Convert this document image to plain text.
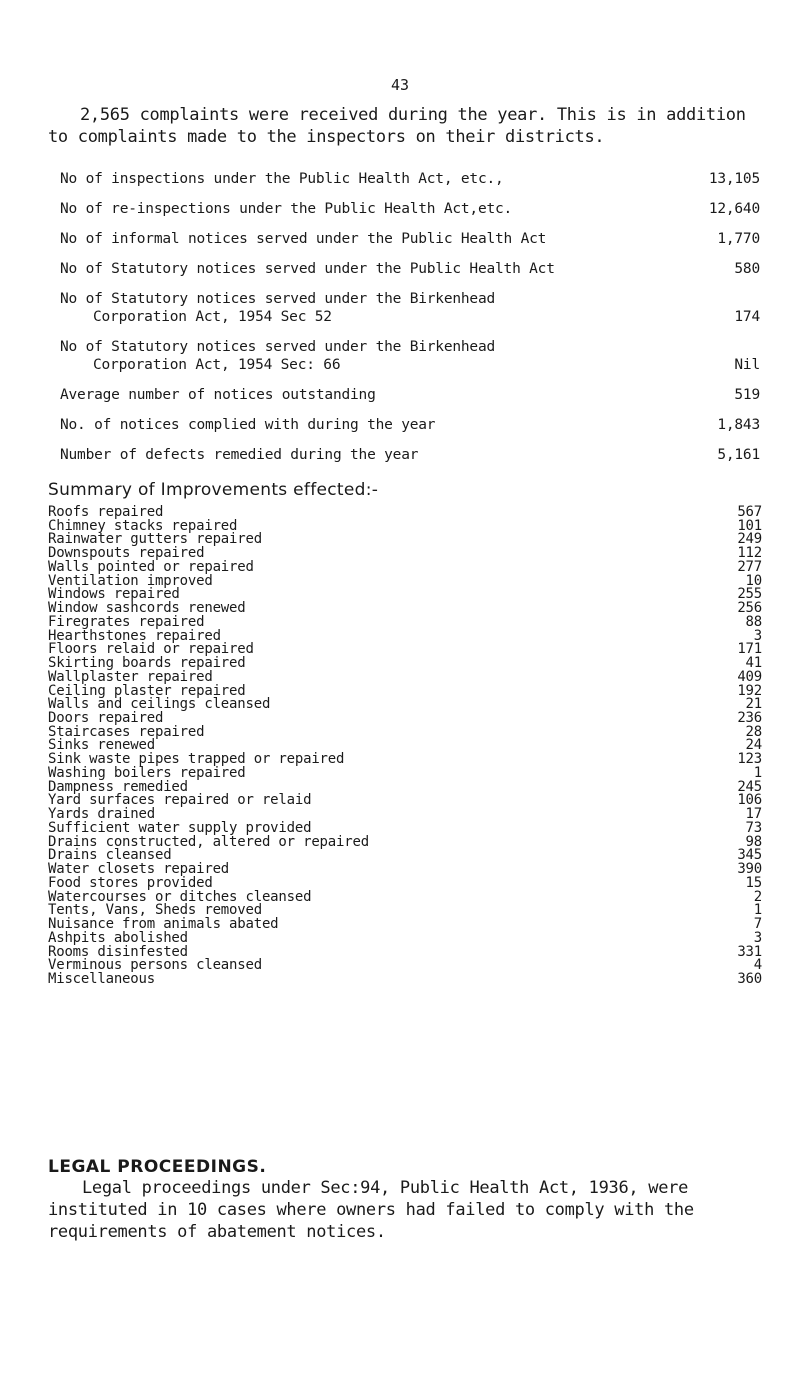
43
2,565 complaints were received during the year. This is in addition to complaints made to the inspectors on their districts.
No of inspections under the Public Health Act, etc.,	13,105
No of re-inspections under the Public Health Act,etc.	12,640
No of informal notices served under the Public Health Act	1,770
No of Statutory notices served under the Public Health Act	580
No of Statutory notices served under the Birkenhead
Corporation Act, 1954 Sec 52	174
No of Statutory notices served under the Birkenhead
Corporation Act, 1954 Sec: 66	Nil
Average number of notices outstanding	519
No. of notices complied with during the year	1,843
Number of defects remedied during the year	5,161
Summary of Improvements effected:-
Roofs repaired	567
Chimney stacks repaired	101
Rainwater gutters repaired	249
Downspouts repaired	112
Walls pointed or repaired	277
Ventilation improved	10
Windows repaired	255
Window sashcords renewed	256
Firegrates repaired	88
Hearthstones repaired	3
Floors relaid or repaired	171
Skirting boards repaired	41
Wallplaster repaired	409
Ceiling plaster repaired	192
Walls and ceilings cleansed	21
Doors repaired	236
Staircases repaired	28
Sinks renewed	24
Sink waste pipes trapped or repaired	123
Washing boilers repaired	1
Dampness remedied	245
Yard surfaces repaired or relaid	106
Yards drained	17
Sufficient water supply provided	73
Drains constructed, altered or repaired	98
Drains cleansed	345
Water closets repaired	390
Food stores provided	15
Watercourses or ditches cleansed	2
Tents, Vans, Sheds removed	1
Nuisance from animals abated	7
Ashpits abolished	3
Rooms disinfested	331
Verminous persons cleansed	4
Miscellaneous	360
LEGAL PROCEEDINGS.
Legal proceedings under Sec:94, Public Health Act, 1936, were instituted in 10 cases where owners had failed to comply with the requirements of abatement notices.
